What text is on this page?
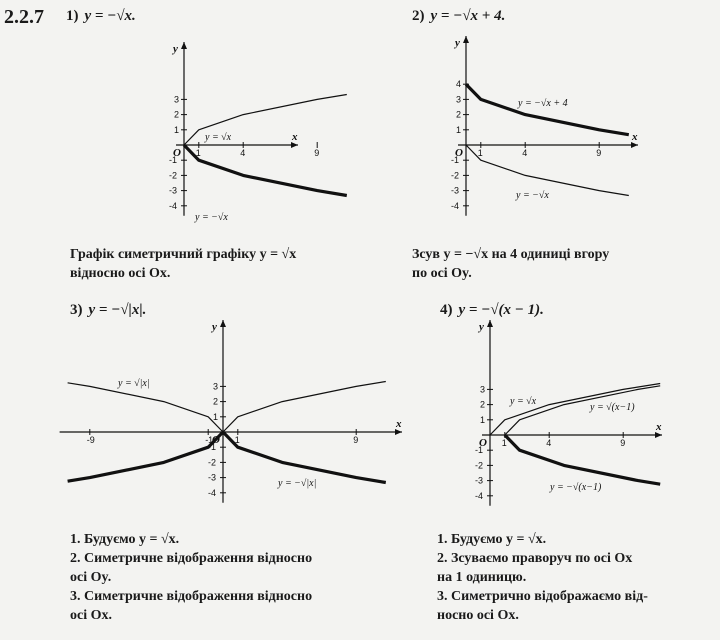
2.2.7 1) y = −√x.
x
y
O 1	4	9
3
2
1
-1
-2
-3
-4
y = √x
y = −√x

Графік симетричний графіку y = √x

відносно осі Ox.

2) y = −√x + 4.
x
y
O 1	4	9
4
3
2
1
-1
-2
-3
-4
y = −√x + 4
y = −√x

Зсув y = −√x на 4 одиниці вгору

по осі Oy.

3) y = −√|x|.
x
y
O
-9	-1 1	9
3
2
1
-1
-2
-3
-4
y = √|x|
y = −√|x|

1. Будуємо y = √x.

2. Симетричне відображення відносно

осі Oy.

3. Симетричне відображення відносно

осі Ox.

4) y = −√(x − 1).
x
y
O 1	4	9
3
2
1
-1
-2
-3
-4
y = √x
y = √(x−1)
y = −√(x−1)

1. Будуємо y = √x.

2. Зсуваємо праворуч по осі Ox

на 1 одиницю.

3. Симетрично відображаємо від-

носно осі Ox.
